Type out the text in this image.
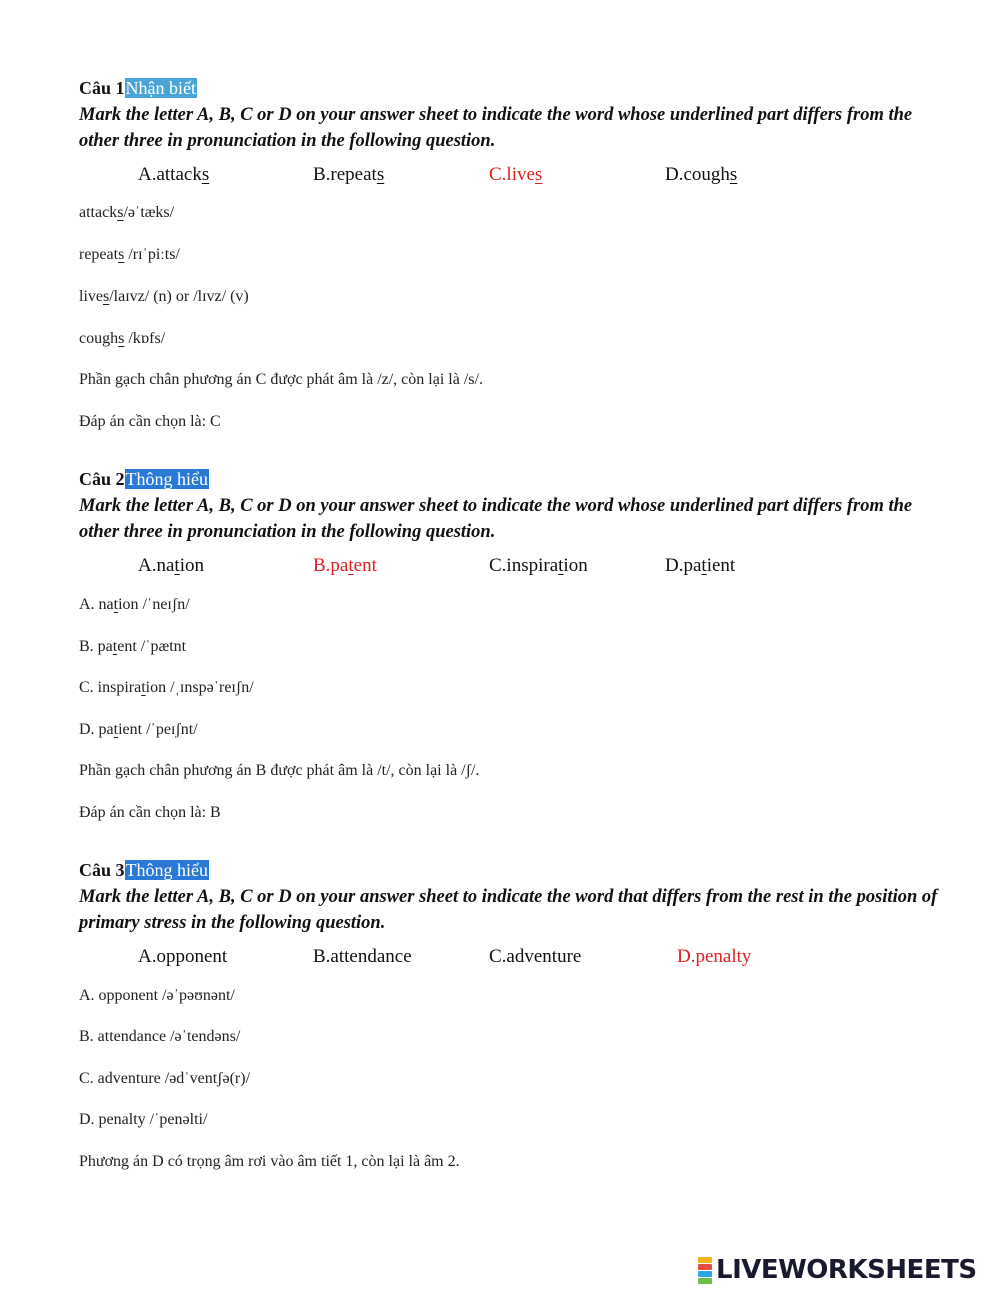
Câu 1Nhận biết
Mark the letter A, B, C or D on your answer sheet to indicate the word whose underlined part differs from the other three in pronunciation in the following question.
A.attacks	B.repeats	C.lives	D.coughs
attacks/əˈtæks/
repeats /rɪˈpiːts/
lives/laɪvz/ (n) or /lɪvz/ (v)
coughs /kɒfs/
Phần gạch chân phương án C được phát âm là /z/, còn lại là /s/.
Đáp án cần chọn là: C
Câu 2Thông hiểu
Mark the letter A, B, C or D on your answer sheet to indicate the word whose underlined part differs from the other three in pronunciation in the following question.
A.nation	B.patent	C.inspiration	D.patient
A. nation /ˈneɪʃn/
B. patent /ˈpætnt
C. inspiration /ˌɪnspəˈreɪʃn/
D. patient /ˈpeɪʃnt/
Phần gạch chân phương án B được phát âm là /t/, còn lại là /ʃ/.
Đáp án cần chọn là: B
Câu 3Thông hiểu
Mark the letter A, B, C or D on your answer sheet to indicate the word that differs from the rest in the position of primary stress in the following question.
A.opponent	B.attendance	C.adventure	D.penalty
A. opponent /əˈpəʊnənt/
B. attendance /əˈtendəns/
C. adventure /ədˈventʃə(r)/
D. penalty /ˈpenəlti/
Phương án D có trọng âm rơi vào âm tiết 1, còn lại là âm 2.
LIVEWORKSHEETS
